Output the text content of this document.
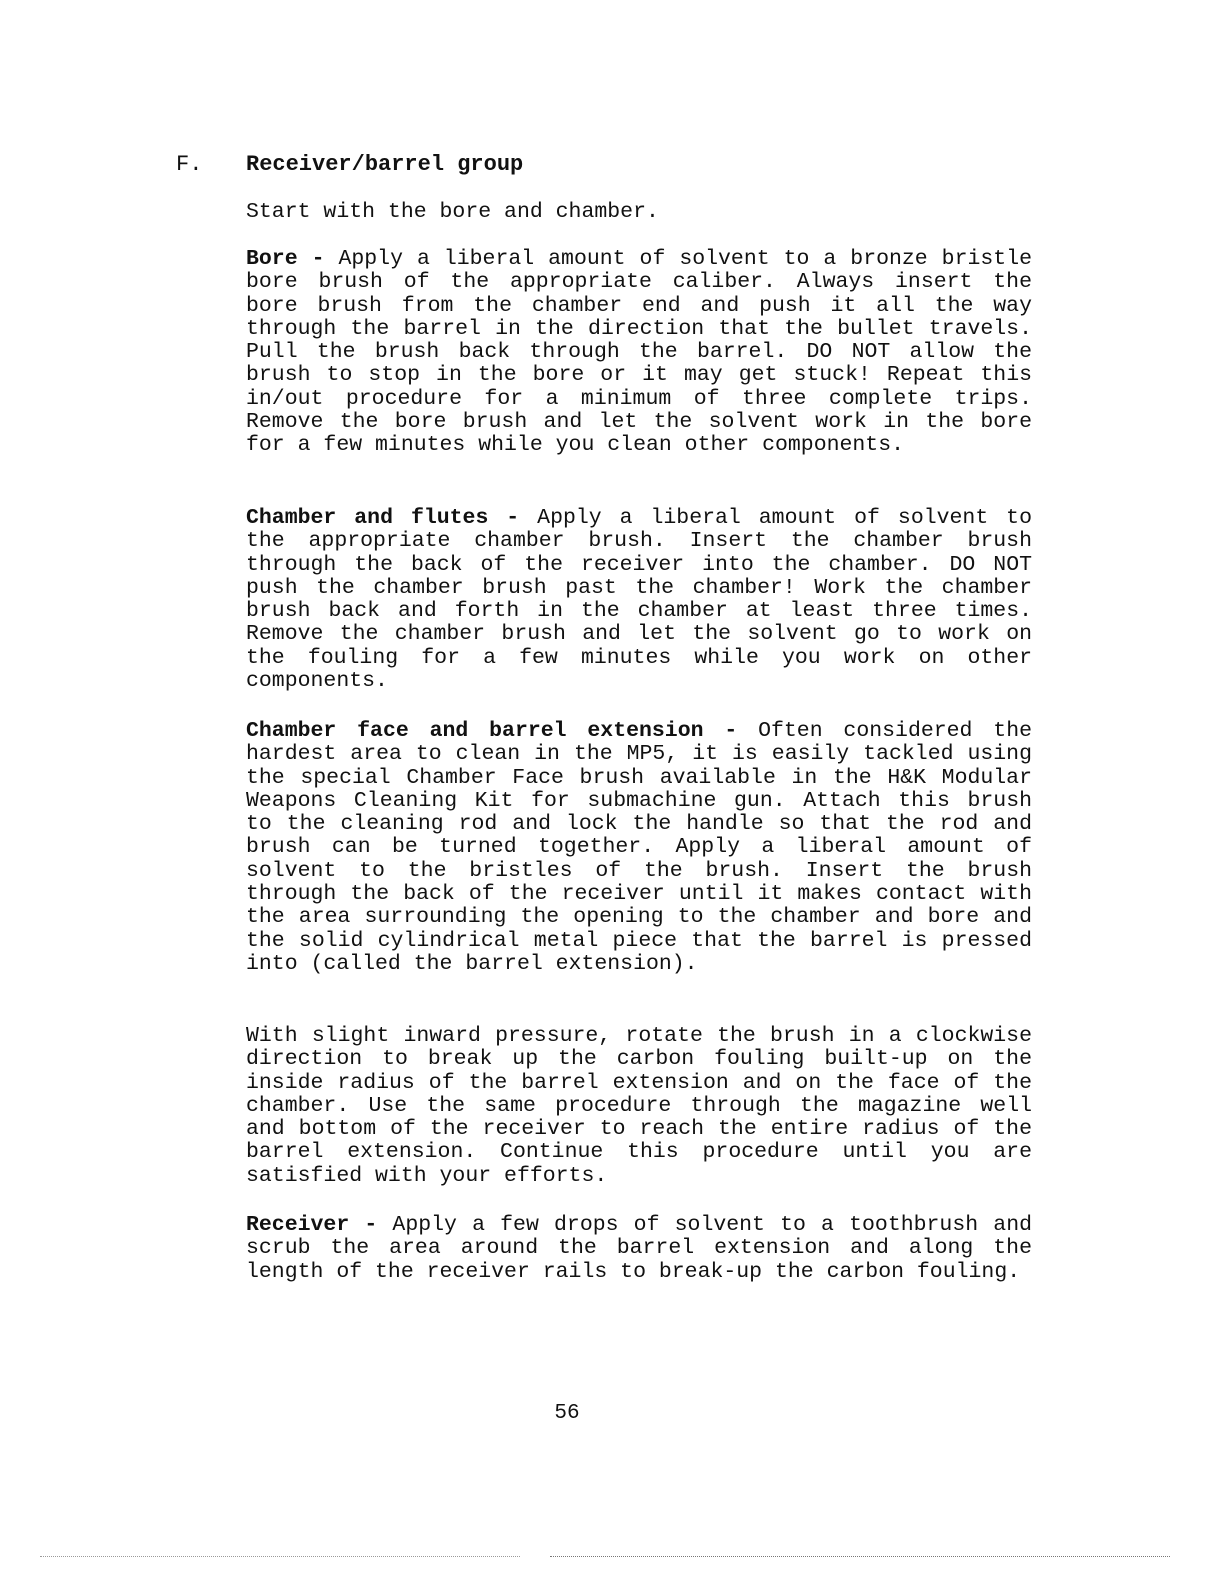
F. Receiver/barrel group

Start with the bore and chamber.

Bore - Apply a liberal amount of solvent to a bronze bristle bore brush of the appropriate caliber. Always insert the bore brush from the chamber end and push it all the way through the barrel in the direction that the bullet travels. Pull the brush back through the barrel. DO NOT allow the brush to stop in the bore or it may get stuck! Repeat this in/out procedure for a minimum of three complete trips. Remove the bore brush and let the solvent work in the bore for a few minutes while you clean other components.

Chamber and flutes - Apply a liberal amount of solvent to the appropriate chamber brush. Insert the chamber brush through the back of the receiver into the chamber. DO NOT push the chamber brush past the chamber! Work the chamber brush back and forth in the chamber at least three times. Remove the chamber brush and let the solvent go to work on the fouling for a few minutes while you work on other components.

Chamber face and barrel extension - Often considered the hardest area to clean in the MP5, it is easily tackled using the special Chamber Face brush available in the H&K Modular Weapons Cleaning Kit for submachine gun. Attach this brush to the cleaning rod and lock the handle so that the rod and brush can be turned together. Apply a liberal amount of solvent to the bristles of the brush. Insert the brush through the back of the receiver until it makes contact with the area surrounding the opening to the chamber and bore and the solid cylindrical metal piece that the barrel is pressed into (called the barrel extension).

With slight inward pressure, rotate the brush in a clockwise direction to break up the carbon fouling built-up on the inside radius of the barrel extension and on the face of the chamber. Use the same procedure through the magazine well and bottom of the receiver to reach the entire radius of the barrel extension. Continue this procedure until you are satisfied with your efforts.

Receiver - Apply a few drops of solvent to a toothbrush and scrub the area around the barrel extension and along the length of the receiver rails to break-up the carbon fouling.

56
